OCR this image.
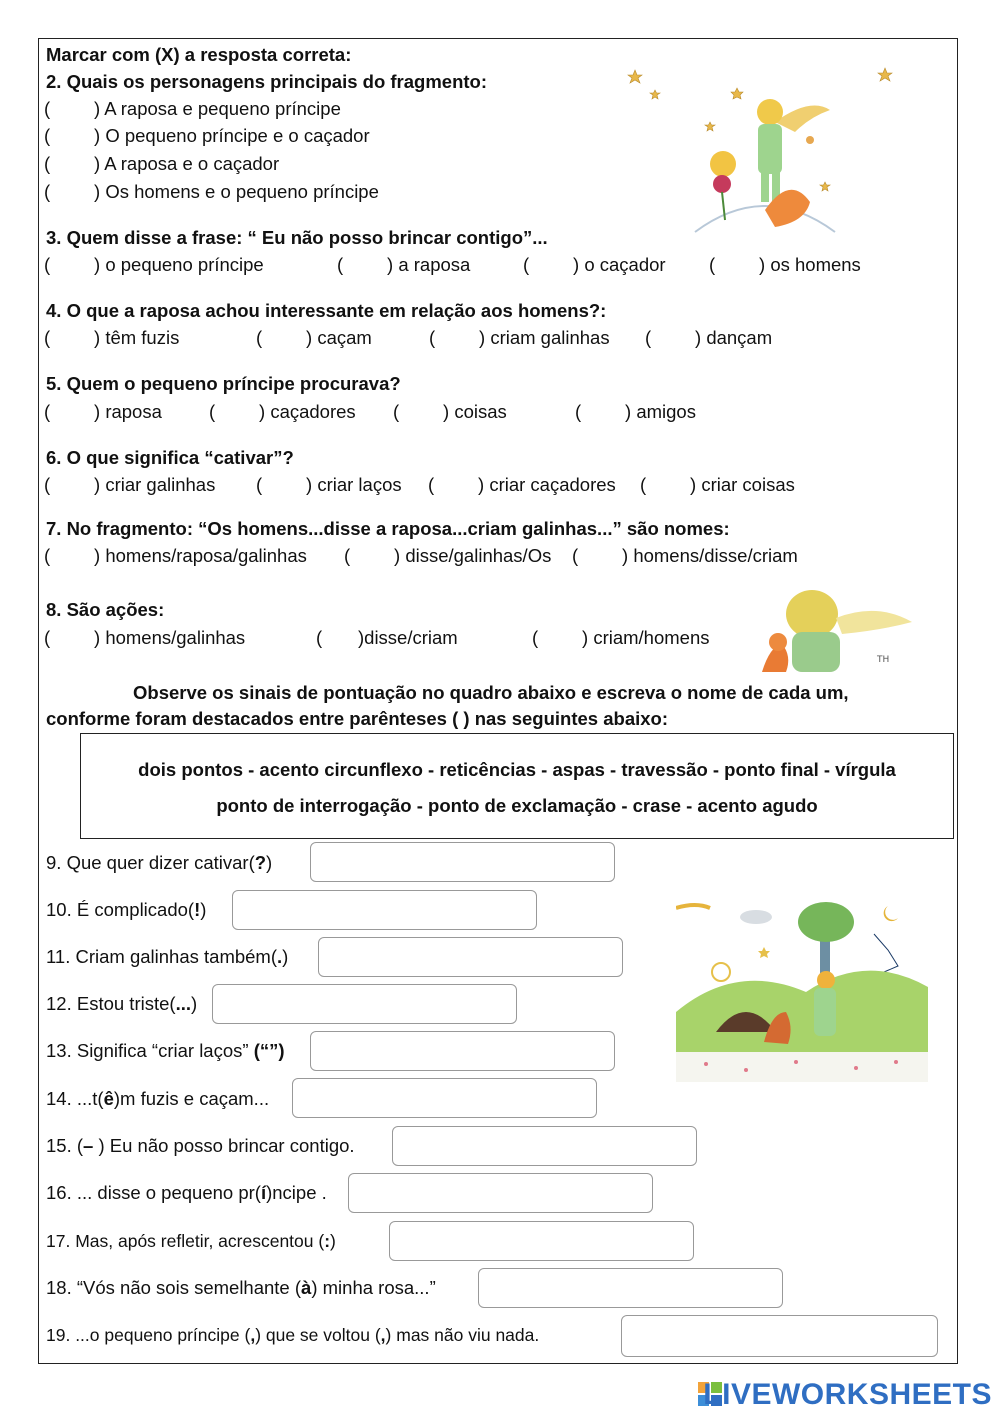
Marcar com (X) a resposta correta:
2. Quais os personagens principais do fragmento:
( ) A raposa e pequeno príncipe
( ) O pequeno príncipe e o caçador
( ) A raposa e o caçador
( ) Os homens e o pequeno príncipe
3. Quem disse a frase: “ Eu não posso brincar contigo”...
( ) o pequeno príncipe	( ) a raposa	( ) o caçador ( ) os homens
4. O que a raposa achou interessante em relação aos homens?:
( ) têm fuzis	( ) caçam	( ) criam galinhas ( ) dançam
5. Quem o pequeno príncipe procurava?
( ) raposa	( ) caçadores ( ) coisas	( ) amigos
6. O que significa “cativar”?
( ) criar galinhas ( ) criar laços ( ) criar caçadores ( ) criar coisas
7. No fragmento: “Os homens...disse a raposa...criam galinhas...” são nomes:
( ) homens/raposa/galinhas ( ) disse/galinhas/Os ( ) homens/disse/criam
8. São ações:
( ) homens/galinhas	( )disse/criam	( ) criam/homens
Observe os sinais de pontuação no quadro abaixo e escreva o nome de cada um,
conforme foram destacados entre parênteses ( ) nas seguintes abaixo:
dois pontos - acento circunflexo - reticências - aspas - travessão - ponto final - vírgula
ponto de interrogação - ponto de exclamação - crase - acento agudo
9. Que quer dizer cativar(?)
10. É complicado(!)
11. Criam galinhas também(.)
12. Estou triste(...)
13. Significa “criar laços” (“”)
14. ...t(ê)m fuzis e caçam...
15. (– ) Eu não posso brincar contigo.
16. ... disse o pequeno pr(í)ncipe .
17. Mas, após refletir, acrescentou (:)
18. “Vós não sois semelhante (à) minha rosa...”
19. ...o pequeno príncipe (,) que se voltou (,) mas não viu nada.
TH
LIVEWORKSHEETS
